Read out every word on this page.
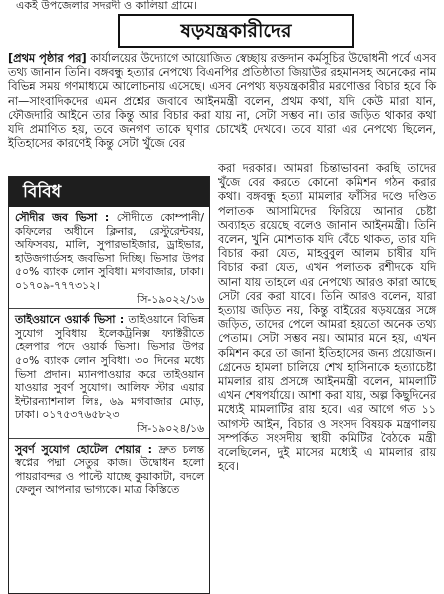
একই উপজেলার সদরদী ও কালিয়া গ্রামে।
ষড়যন্ত্রকারীদের
[প্রথম পৃষ্ঠার পর] কার্যালয়ের উদ্যোগে আয়োজিত স্বেচ্ছায় রক্তদান কর্মসূচির উদ্বোধনী পর্বে এসব তথ্য জানান তিনি। বঙ্গবন্ধু হত্যার নেপথ্যে বিএনপির প্রতিষ্ঠাতা জিয়াউর রহমানসহ অনেকের নাম বিভিন্ন সময় গণমাধ্যমে আলোচনায় এসেছে। এসব নেপথ্য ষড়যন্ত্রকারীর মরণোত্তর বিচার হবে কি না—সাংবাদিকদের এমন প্রশ্নের জবাবে আইনমন্ত্রী বলেন, প্রথম কথা, যদি কেউ মারা যান, ফৌজদারি আইনে তার কিন্তু আর বিচার করা যায় না, সেটা সম্ভব না। তার জড়িত থাকার কথা যদি প্রমাণিত হয়, তবে জনগণ তাকে ঘৃণার চোখেই দেখবে। তবে যারা এর নেপথ্যে ছিলেন, ইতিহাসের কারণেই কিন্তু সেটা খুঁজে বের
করা দরকার। আমরা চিন্তাভাবনা করছি তাদের খুঁজে বের করতে কোনো কমিশন গঠন করার কথা। বঙ্গবন্ধু হত্যা মামলার ফাঁসির দণ্ডে দণ্ডিত পলাতক আসামিদের ফিরিয়ে আনার চেষ্টা অব্যাহত রয়েছে বলেও জানান আইনমন্ত্রী। তিনি বলেন, খুনি মোশতাক যদি বেঁচে থাকত, তার যদি বিচার করা যেত, মাহবুবুল আলম চাষীর যদি বিচার করা যেত, এখন পলাতক রশীদকে যদি আনা যায় তাহলে এর নেপথ্যে আরও কারা আছে সেটা বের করা যাবে। তিনি আরও বলেন, যারা হত্যায় জড়িত নয়, কিন্তু বাইরের ষড়যন্ত্রের সঙ্গে জড়িত, তাদের পেলে আমরা হয়তো অনেক তথ্য পেতাম। সেটা সম্ভব নয়। আমার মনে হয়, এখন কমিশন করে তা জানা ইতিহাসের জন্য প্রয়োজন। গ্রেনেড হামলা চালিয়ে শেখ হাসিনাকে হত্যাচেষ্টা মামলার রায় প্রসঙ্গে আইনমন্ত্রী বলেন, মামলাটি এখন শেষপর্যায়ে। আশা করা যায়, অল্প কিছুদিনের মধ্যেই মামলাটির রায় হবে। এর আগে গত ১১ আগস্ট আইন, বিচার ও সংসদ বিষয়ক মন্ত্রণালয় সম্পর্কিত সংসদীয় স্থায়ী কমিটির বৈঠকে মন্ত্রী বলেছিলেন, দুই মাসের মধ্যেই এ মামলার রায় হবে।
বিবিধ
সৌদীর জব ভিসা : সৌদীতে কোম্পানী/কফিলের অধীনে ক্লিনার, রেস্টুরেন্টবয়, অফিসবয়, মালি, সুপারভাইজার, ড্রাইভার, হাউজগার্ডসহ জবভিসা দিচ্ছি। ভিসার উপর ৫০% ব্যাংক লোন সুবিধা। মগবাজার, ঢাকা। ০১৭০৯-৭৭৭৩১২।
সি-১৯০২২/১৬
তাইওয়ানে ওয়ার্ক ভিসা : তাইওয়ানে বিভিন্ন সুযোগ সুবিধায় ইলেকট্রনিক্স ফ্যাক্টরীতে হেলপার পদে ওয়ার্ক ভিসা। ভিসার উপর ৫০% ব্যাংক লোন সুবিধা। ৩০ দিনের মধ্যে ভিসা প্রদান। ম্যানপাওয়ার করে তাইওয়ান যাওয়ার সুবর্ণ সুযোগ। আলিফ স্টার এয়ার ইন্টারন্যাশনাল লিঃ, ৬৯ মগবাজার মোড়, ঢাকা। ০১৭৫৩৭৬৫৮২৩
সি-১৯০২৪/১৬
সুবর্ণ সুযোগ হোটেল শেয়ার : দ্রুত চলন্ত স্বপ্নের পদ্মা সেতুর কাজ। উদ্বোধন হলো পায়রাবন্দর ও পাল্টে যাচ্ছে কুয়াকাটা, বদলে ফেলুন আপনার ভাগ্যকে। মাত্র কিস্তিতে
